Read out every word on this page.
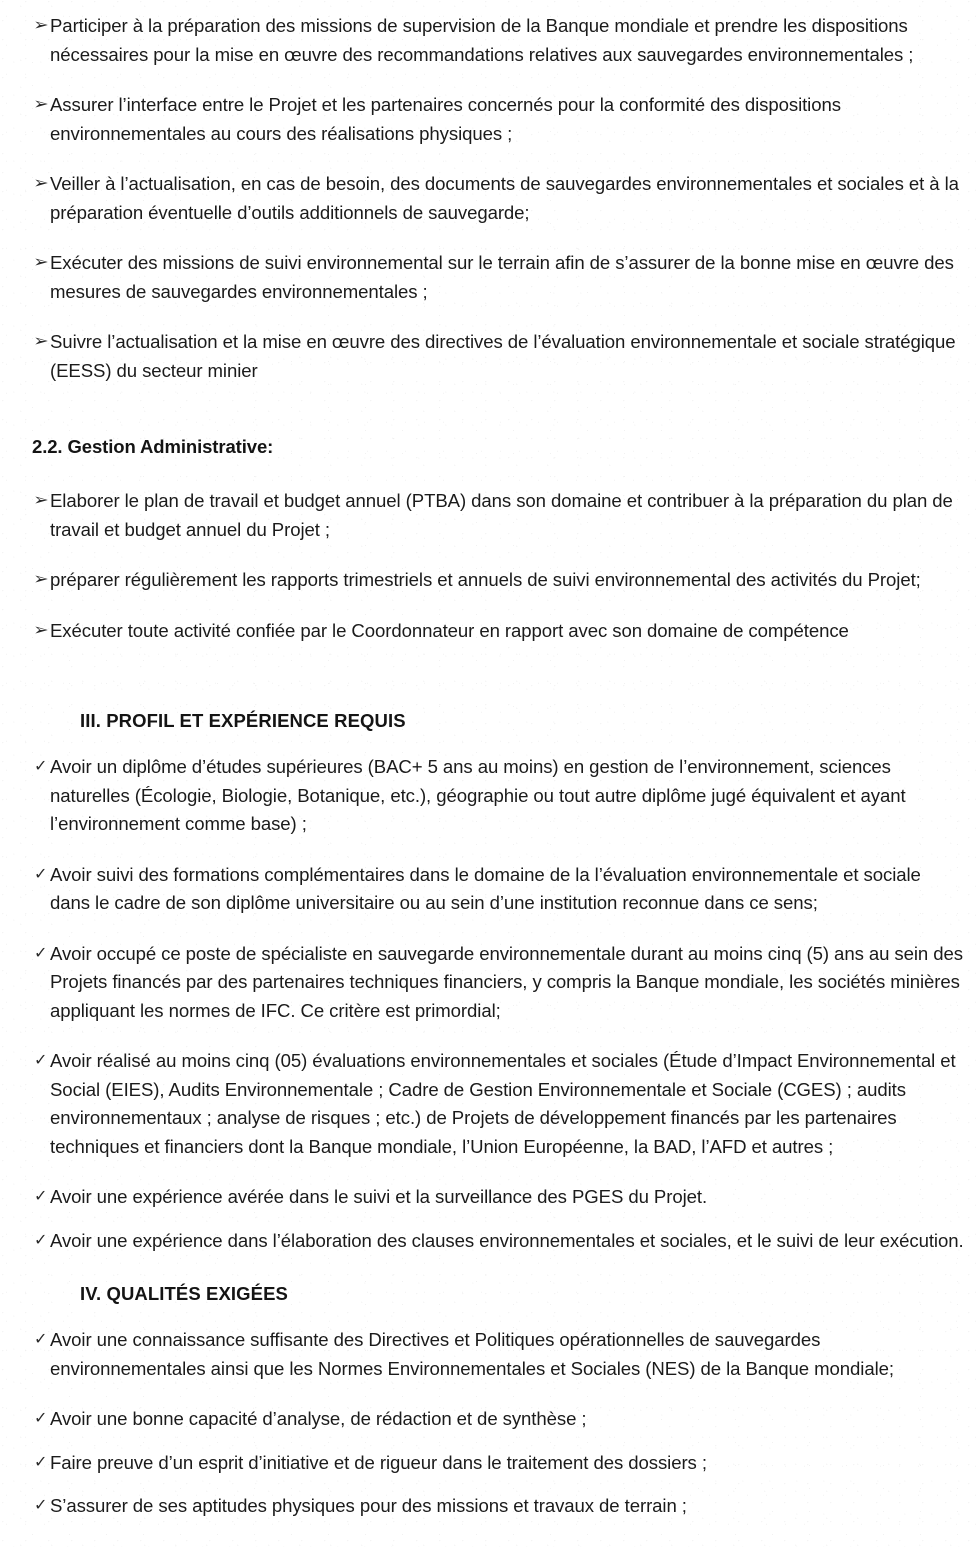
➢ Participer à la préparation des missions de supervision de la Banque mondiale et prendre les dispositions nécessaires pour la mise en œuvre des recommandations relatives aux sauvegardes environnementales ;
➢ Assurer l’interface entre le Projet et les partenaires concernés pour la conformité des dispositions environnementales au cours des réalisations physiques ;
➢ Veiller à l’actualisation, en cas de besoin, des documents de sauvegardes environnementales et sociales et à la préparation éventuelle d’outils additionnels de sauvegarde;
➢ Exécuter des missions de suivi environnemental sur le terrain afin de s’assurer de la bonne mise en œuvre des mesures de sauvegardes environnementales ;
➢ Suivre l’actualisation et la mise en œuvre des directives de l’évaluation environnementale et sociale stratégique (EESS) du secteur minier
2.2. Gestion Administrative:
➢ Elaborer le plan de travail et budget annuel (PTBA) dans son domaine et contribuer à la préparation du plan de travail et budget annuel du Projet ;
➢ préparer régulièrement les rapports trimestriels et annuels de suivi environnemental des activités du Projet;
➢ Exécuter toute activité confiée par le Coordonnateur en rapport avec son domaine de compétence
III. PROFIL ET EXPÉRIENCE REQUIS
✓ Avoir un diplôme d’études supérieures (BAC+ 5 ans au moins) en gestion de l’environnement, sciences naturelles (Écologie, Biologie, Botanique, etc.), géographie ou tout autre diplôme jugé équivalent et ayant l’environnement comme base) ;
✓ Avoir suivi des formations complémentaires dans le domaine de la l’évaluation environnementale et sociale dans le cadre de son diplôme universitaire ou au sein d’une institution reconnue dans ce sens;
✓ Avoir occupé ce poste de spécialiste en sauvegarde environnementale durant au moins cinq (5) ans au sein des Projets financés par des partenaires techniques financiers, y compris la Banque mondiale, les sociétés minières appliquant les normes de IFC. Ce critère est primordial;
✓ Avoir réalisé au moins cinq (05) évaluations environnementales et sociales (Étude d’Impact Environnemental et Social (EIES), Audits Environnementale ; Cadre de Gestion Environnementale et Sociale (CGES) ; audits environnementaux ; analyse de risques ; etc.) de Projets de développement financés par les partenaires techniques et financiers dont la Banque mondiale, l’Union Européenne, la BAD, l’AFD et autres ;
✓ Avoir une expérience avérée dans le suivi et la surveillance des PGES du Projet.
✓ Avoir une expérience dans l’élaboration des clauses environnementales et sociales, et le suivi de leur exécution.
IV. QUALITÉS EXIGÉES
✓ Avoir une connaissance suffisante des Directives et Politiques opérationnelles de sauvegardes environnementales ainsi que les Normes Environnementales et Sociales (NES) de la Banque mondiale;
✓ Avoir une bonne capacité d’analyse, de rédaction et de synthèse ;
✓ Faire preuve d’un esprit d’initiative et de rigueur dans le traitement des dossiers ;
✓ S’assurer de ses aptitudes physiques pour des missions et travaux de terrain ;
